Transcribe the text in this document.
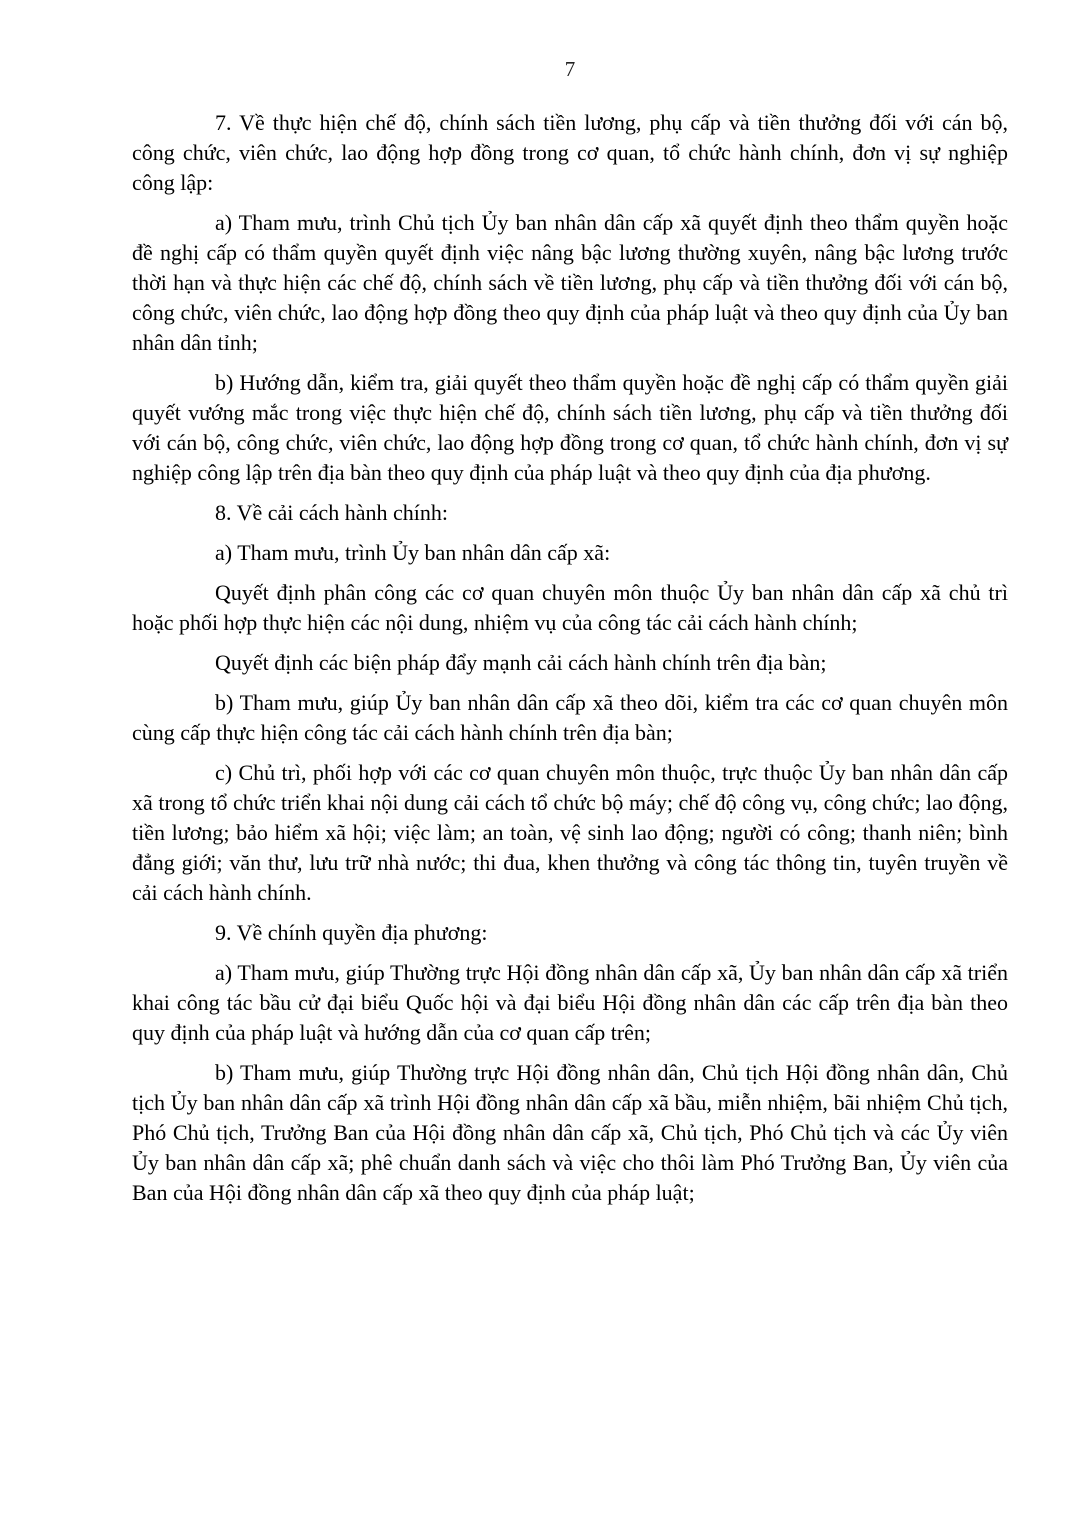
7

7. Về thực hiện chế độ, chính sách tiền lương, phụ cấp và tiền thưởng đối với cán bộ, công chức, viên chức, lao động hợp đồng trong cơ quan, tổ chức hành chính, đơn vị sự nghiệp công lập:

a) Tham mưu, trình Chủ tịch Ủy ban nhân dân cấp xã quyết định theo thẩm quyền hoặc đề nghị cấp có thẩm quyền quyết định việc nâng bậc lương thường xuyên, nâng bậc lương trước thời hạn và thực hiện các chế độ, chính sách về tiền lương, phụ cấp và tiền thưởng đối với cán bộ, công chức, viên chức, lao động hợp đồng theo quy định của pháp luật và theo quy định của Ủy ban nhân dân tỉnh;

b) Hướng dẫn, kiểm tra, giải quyết theo thẩm quyền hoặc đề nghị cấp có thẩm quyền giải quyết vướng mắc trong việc thực hiện chế độ, chính sách tiền lương, phụ cấp và tiền thưởng đối với cán bộ, công chức, viên chức, lao động hợp đồng trong cơ quan, tổ chức hành chính, đơn vị sự nghiệp công lập trên địa bàn theo quy định của pháp luật và theo quy định của địa phương.

8. Về cải cách hành chính:

a) Tham mưu, trình Ủy ban nhân dân cấp xã:

Quyết định phân công các cơ quan chuyên môn thuộc Ủy ban nhân dân cấp xã chủ trì hoặc phối hợp thực hiện các nội dung, nhiệm vụ của công tác cải cách hành chính;

Quyết định các biện pháp đẩy mạnh cải cách hành chính trên địa bàn;

b) Tham mưu, giúp Ủy ban nhân dân cấp xã theo dõi, kiểm tra các cơ quan chuyên môn cùng cấp thực hiện công tác cải cách hành chính trên địa bàn;

c) Chủ trì, phối hợp với các cơ quan chuyên môn thuộc, trực thuộc Ủy ban nhân dân cấp xã trong tổ chức triển khai nội dung cải cách tổ chức bộ máy; chế độ công vụ, công chức; lao động, tiền lương; bảo hiểm xã hội; việc làm; an toàn, vệ sinh lao động; người có công; thanh niên; bình đẳng giới; văn thư, lưu trữ nhà nước; thi đua, khen thưởng và công tác thông tin, tuyên truyền về cải cách hành chính.

9. Về chính quyền địa phương:

a) Tham mưu, giúp Thường trực Hội đồng nhân dân cấp xã, Ủy ban nhân dân cấp xã triển khai công tác bầu cử đại biểu Quốc hội và đại biểu Hội đồng nhân dân các cấp trên địa bàn theo quy định của pháp luật và hướng dẫn của cơ quan cấp trên;

b) Tham mưu, giúp Thường trực Hội đồng nhân dân, Chủ tịch Hội đồng nhân dân, Chủ tịch Ủy ban nhân dân cấp xã trình Hội đồng nhân dân cấp xã bầu, miễn nhiệm, bãi nhiệm Chủ tịch, Phó Chủ tịch, Trưởng Ban của Hội đồng nhân dân cấp xã, Chủ tịch, Phó Chủ tịch và các Ủy viên Ủy ban nhân dân cấp xã; phê chuẩn danh sách và việc cho thôi làm Phó Trưởng Ban, Ủy viên của Ban của Hội đồng nhân dân cấp xã theo quy định của pháp luật;
